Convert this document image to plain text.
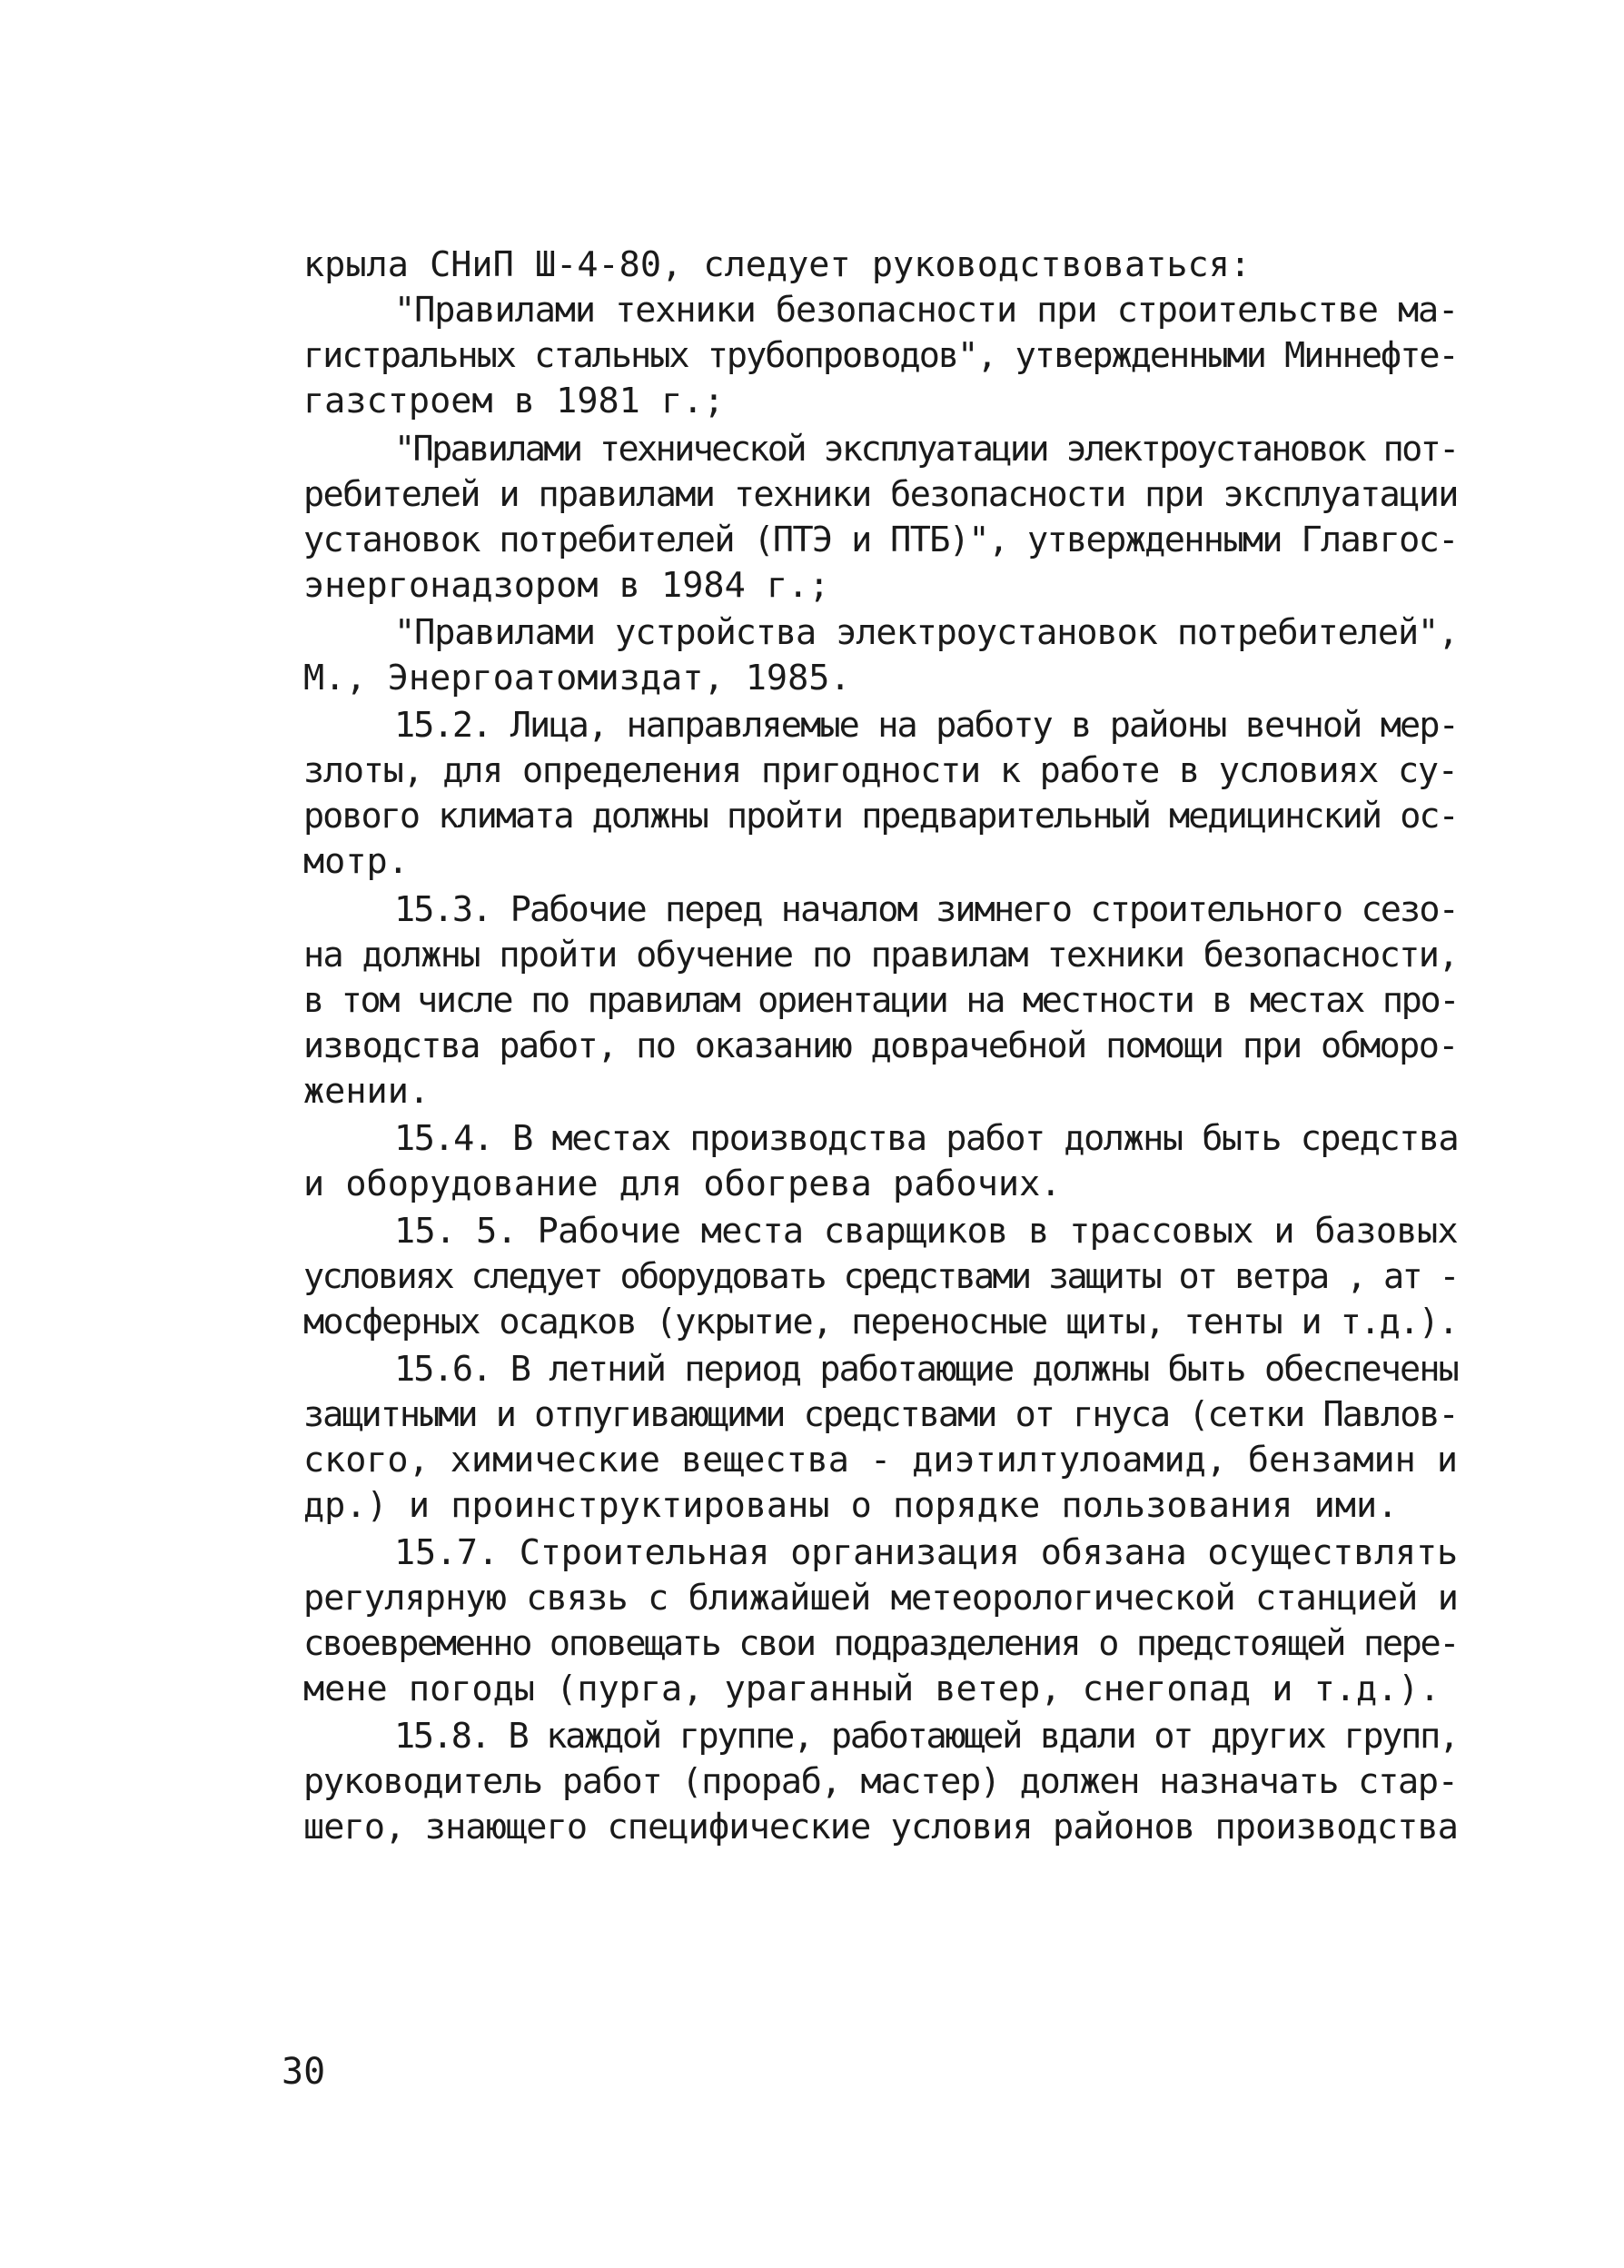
крыла СНиП Ш-4-80, следует руководствоваться:

"Правилами техники безопасности при строительстве ма-

гистральных стальных трубопроводов", утвержденными Миннефте-

газстроем в 1981 г.;

"Правилами технической эксплуатации электроустановок пот-

ребителей и правилами техники безопасности при эксплуатации

установок потребителей (ПТЭ и ПТБ)", утвержденными Главгос-

энергонадзором в 1984 г.;

"Правилами устройства электроустановок потребителей",

М., Энергоатомиздат, 1985.

15.2. Лица, направляемые на работу в районы вечной мер-

злоты, для определения пригодности к работе в условиях су-

рового климата должны пройти предварительный медицинский ос-

мотр.

15.3. Рабочие перед началом зимнего строительного сезо-

на должны пройти обучение по правилам техники безопасности,

в том числе по правилам ориентации на местности в местах про-

изводства работ, по оказанию доврачебной помощи при обморо-

жении.

15.4. В местах производства работ должны быть средства

и оборудование для обогрева рабочих.

15. 5. Рабочие места сварщиков в трассовых и базовых

условиях следует оборудовать средствами защиты от ветра , ат -

мосферных осадков (укрытие, переносные щиты, тенты и т.д.).

15.6. В летний период работающие должны быть обеспечены

защитными и отпугивающими средствами от гнуса (сетки Павлов-

ского, химические вещества - диэтилтулоамид, бензамин и

др.) и проинструктированы о порядке пользования ими.

15.7. Строительная организация обязана осуществлять

регулярную связь с ближайшей метеорологической станцией и

своевременно оповещать свои подразделения о предстоящей пере-

мене погоды (пурга, ураганный ветер, снегопад и т.д.).

15.8. В каждой группе, работающей вдали от других групп,

руководитель работ (прораб, мастер) должен назначать стар-

шего, знающего специфические условия районов производства

30
